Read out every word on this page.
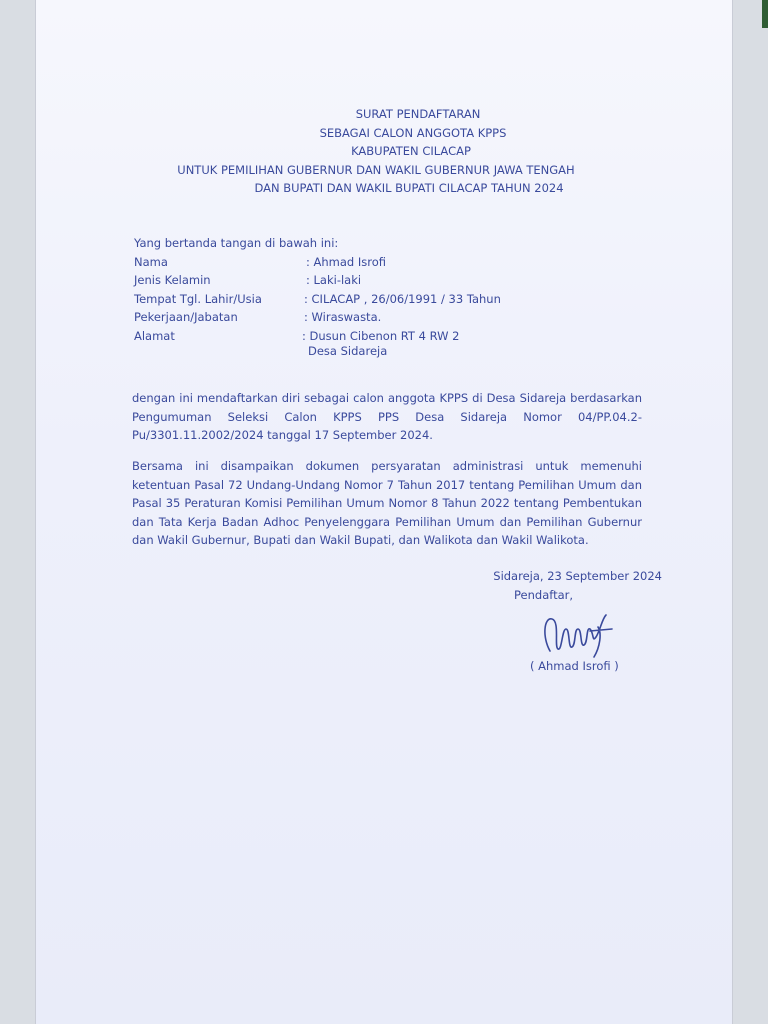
SURAT PENDAFTARAN
SEBAGAI CALON ANGGOTA KPPS
KABUPATEN CILACAP
UNTUK PEMILIHAN GUBERNUR DAN WAKIL GUBERNUR JAWA TENGAH
DAN BUPATI DAN WAKIL BUPATI CILACAP TAHUN 2024
Yang bertanda tangan di bawah ini:
Nama	: Ahmad Isrofi
Jenis Kelamin	: Laki-laki
Tempat Tgl. Lahir/Usia	: CILACAP , 26/06/1991 / 33 Tahun
Pekerjaan/Jabatan	: Wiraswasta.
Alamat	: Dusun Cibenon RT 4 RW 2
Desa Sidareja
dengan ini mendaftarkan diri sebagai calon anggota KPPS di Desa Sidareja berdasarkan Pengumuman Seleksi Calon KPPS PPS Desa Sidareja Nomor 04/PP.04.2-Pu/3301.11.2002/2024 tanggal 17 September 2024.
Bersama ini disampaikan dokumen persyaratan administrasi untuk memenuhi ketentuan Pasal 72 Undang-Undang Nomor 7 Tahun 2017 tentang Pemilihan Umum dan Pasal 35 Peraturan Komisi Pemilihan Umum Nomor 8 Tahun 2022 tentang Pembentukan dan Tata Kerja Badan Adhoc Penyelenggara Pemilihan Umum dan Pemilihan Gubernur dan Wakil Gubernur, Bupati dan Wakil Bupati, dan Walikota dan Wakil Walikota.
Sidareja, 23 September 2024
Pendaftar,
( Ahmad Isrofi )
